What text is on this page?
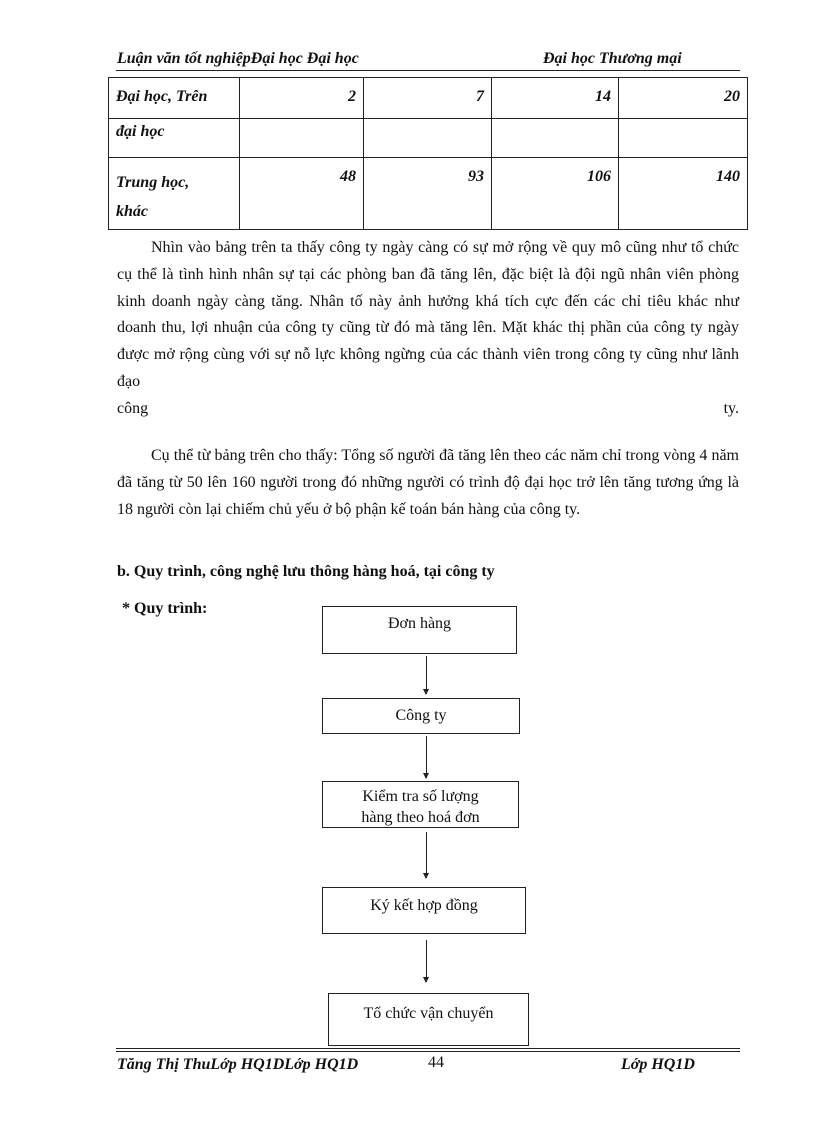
Luận văn tốt nghiệpĐại học Đại học	Đại học Thương mại
Đại học, Trên	2	7	14	20
đại học				
Trung học,
khác	48	93	106	140

Nhìn vào bảng trên ta thấy công ty ngày càng có sự mở rộng về quy mô cũng như tổ chức cụ thể là tình hình nhân sự tại các phòng ban đã tăng lên, đặc biệt là đội ngũ nhân viên phòng kinh doanh ngày càng tăng. Nhân tố này ảnh hưởng khá tích cực đến các chỉ tiêu khác như doanh thu, lợi nhuận của công ty cũng từ đó mà tăng lên. Mặt khác thị phần của công ty ngày được mở rộng cùng với sự nỗ lực không ngừng của các thành viên trong công ty cũng như lãnh đạo

công ty.

Cụ thể từ bảng trên cho thấy: Tổng số người đã tăng lên theo các năm chỉ trong vòng 4 năm đã tăng từ 50 lên 160 người trong đó những người có trình độ đại học trở lên tăng tương ứng là 18 người còn lại chiếm chủ yếu ở bộ phận kế toán bán hàng của công ty.

b. Quy trình, công nghệ lưu thông hàng hoá, tại công ty
* Quy trình:
Đơn hàng
Công ty
Kiểm tra số lượng
hàng theo hoá đơn
Ký kết hợp đồng
Tổ chức vận chuyển
Tăng Thị ThuLớp HQ1DLớp HQ1D	44	Lớp HQ1D
